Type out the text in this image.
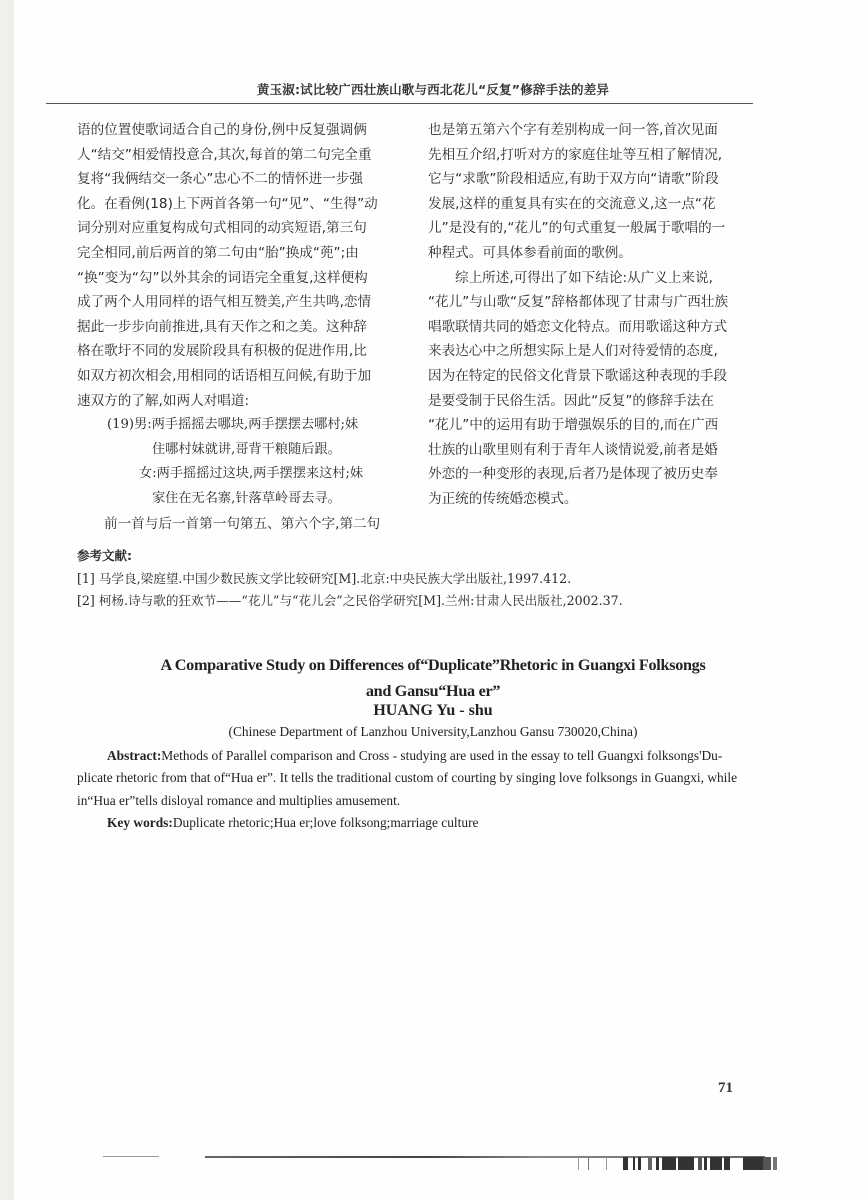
黄玉淑:试比较广西壮族山歌与西北花儿“反复”修辞手法的差异

语的位置使歌词适合自己的身份,例中反复强调俩
人“结交”相爱情投意合,其次,每首的第二句完全重
复将“我俩结交一条心”忠心不二的情怀进一步强
化。在看例(18)上下两首各第一句“见”、“生得”动
词分别对应重复构成句式相同的动宾短语,第三句
完全相同,前后两首的第二句由“胎”换成“蔸”;由
“换”变为“勾”以外其余的词语完全重复,这样便构
成了两个人用同样的语气相互赞美,产生共鸣,恋情
据此一步步向前推进,具有天作之和之美。这种辞
格在歌圩不同的发展阶段具有积极的促进作用,比
如双方初次相会,用相同的话语相互问候,有助于加
速双方的了解,如两人对唱道:

(19)男:两手摇摇去哪块,两手摆摆去哪村;妹
住哪村妹就讲,哥背干粮随后跟。
女:两手摇摇过这块,两手摆摆来这村;妹
家住在无名寨,针落草岭哥去寻。

前一首与后一首第一句第五、第六个字,第二句

也是第五第六个字有差别构成一问一答,首次见面
先相互介绍,打听对方的家庭住址等互相了解情况,
它与“求歌”阶段相适应,有助于双方向“请歌”阶段
发展,这样的重复具有实在的交流意义,这一点“花
儿”是没有的,“花儿”的句式重复一般属于歌唱的一
种程式。可具体参看前面的歌例。

综上所述,可得出了如下结论:从广义上来说,
“花儿”与山歌“反复”辞格都体现了甘肃与广西壮族
唱歌联情共同的婚恋文化特点。而用歌谣这种方式
来表达心中之所想实际上是人们对待爱情的态度,
因为在特定的民俗文化背景下歌谣这种表现的手段
是要受制于民俗生活。因此“反复”的修辞手法在
“花儿”中的运用有助于增强娱乐的目的,而在广西
壮族的山歌里则有利于青年人谈情说爱,前者是婚
外恋的一种变形的表现,后者乃是体现了被历史奉
为正统的传统婚恋模式。

参考文献:
[1] 马学良,梁庭望.中国少数民族文学比较研究[M].北京:中央民族大学出版社,1997.412.
[2] 柯杨.诗与歌的狂欢节——“花儿”与“花儿会”之民俗学研究[M].兰州:甘肃人民出版社,2002.37.
A Comparative Study on Differences of“Duplicate”Rhetoric in Guangxi Folksongs
and Gansu“Hua er”
HUANG Yu - shu
(Chinese Department of Lanzhou University,Lanzhou Gansu 730020,China)
Abstract:Methods of Parallel comparison and Cross - studying are used in the essay to tell Guangxi folksongs'Du-
plicate rhetoric from that of“Hua er”. It tells the traditional custom of courting by singing love folksongs in Guangxi, while
in“Hua er”tells disloyal romance and multiplies amusement.
Key words:Duplicate rhetoric;Hua er;love folksong;marriage culture
71
